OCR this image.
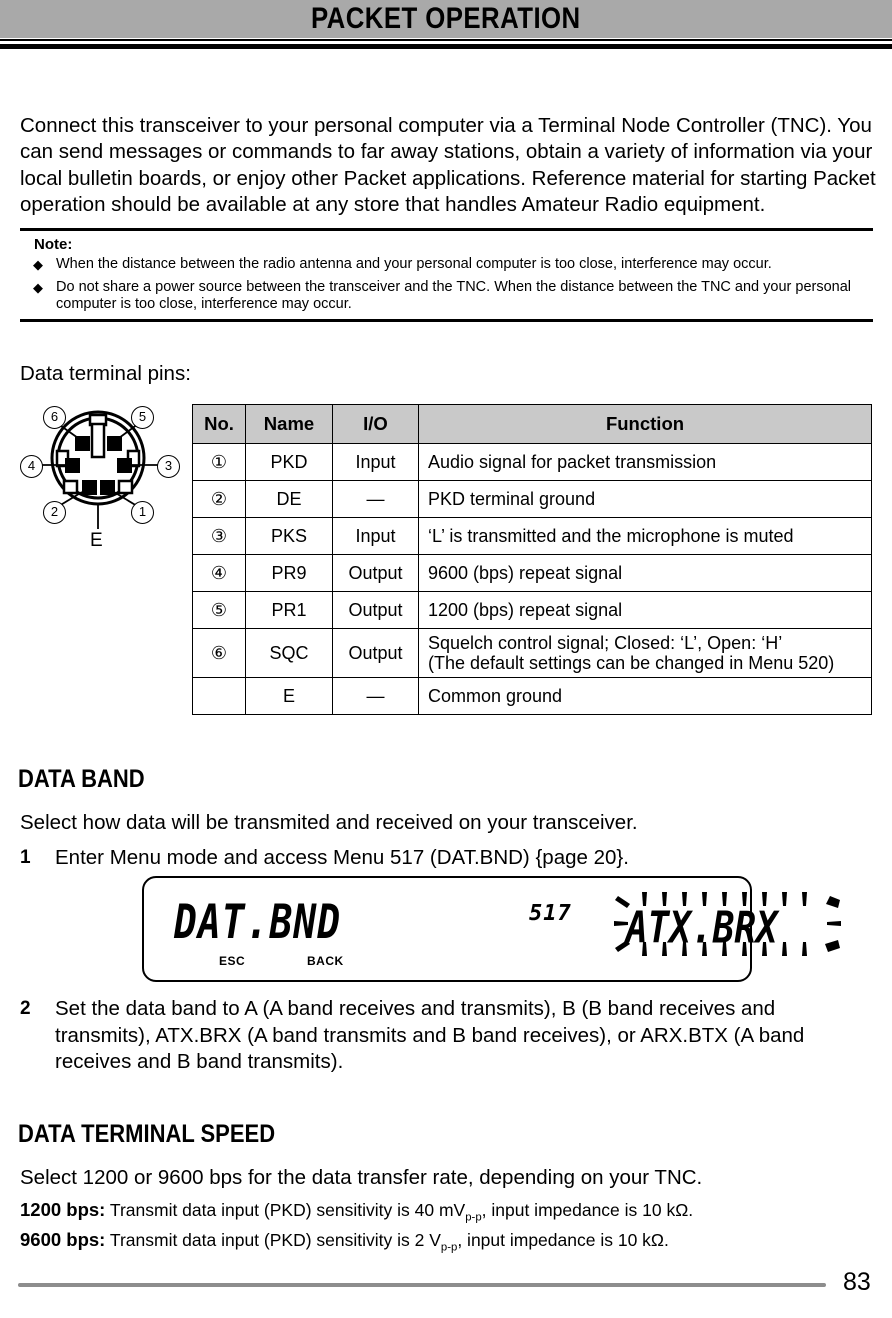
PACKET OPERATION

Connect this transceiver to your personal computer via a Terminal Node Controller (TNC). You can send messages or commands to far away stations, obtain a variety of information via your local bulletin boards, or enjoy other Packet applications. Reference material for starting Packet operation should be available at any store that handles Amateur Radio equipment.

Note:
◆ When the distance between the radio antenna and your personal computer is too close, interference may occur.
◆ Do not share a power source between the transceiver and the TNC. When the distance between the TNC and your personal computer is too close, interference may occur.
Data terminal pins:
6	5
4	3
2	1
E
No.	Name	I/O	Function
①	PKD	Input	Audio signal for packet transmission
②	DE	—	PKD terminal ground
③	PKS	Input	‘L’ is transmitted and the microphone is muted
④	PR9	Output	9600 (bps) repeat signal
⑤	PR1	Output	1200 (bps) repeat signal
⑥	SQC	Output	Squelch control signal; Closed: ‘L’, Open: ‘H’
(The default settings can be changed in Menu 520)
	E	—	Common ground
DATA BAND
Select how data will be transmited and received on your transceiver.
1 Enter Menu mode and access Menu 517 (DAT.BND) {page 20}.
DAT.BND	517 ATX.BRX
ESC	BACK
2 Set the data band to A (A band receives and transmits), B (B band receives and transmits), ATX.BRX (A band transmits and B band receives), or ARX.BTX (A band receives and B band transmits).
DATA TERMINAL SPEED
Select 1200 or 9600 bps for the data transfer rate, depending on your TNC.
1200 bps: Transmit data input (PKD) sensitivity is 40 $mV_{p-p}$, input impedance is 10 kΩ.
9600 bps: Transmit data input (PKD) sensitivity is 2 $V_{p-p}$, input impedance is 10 kΩ.
83
